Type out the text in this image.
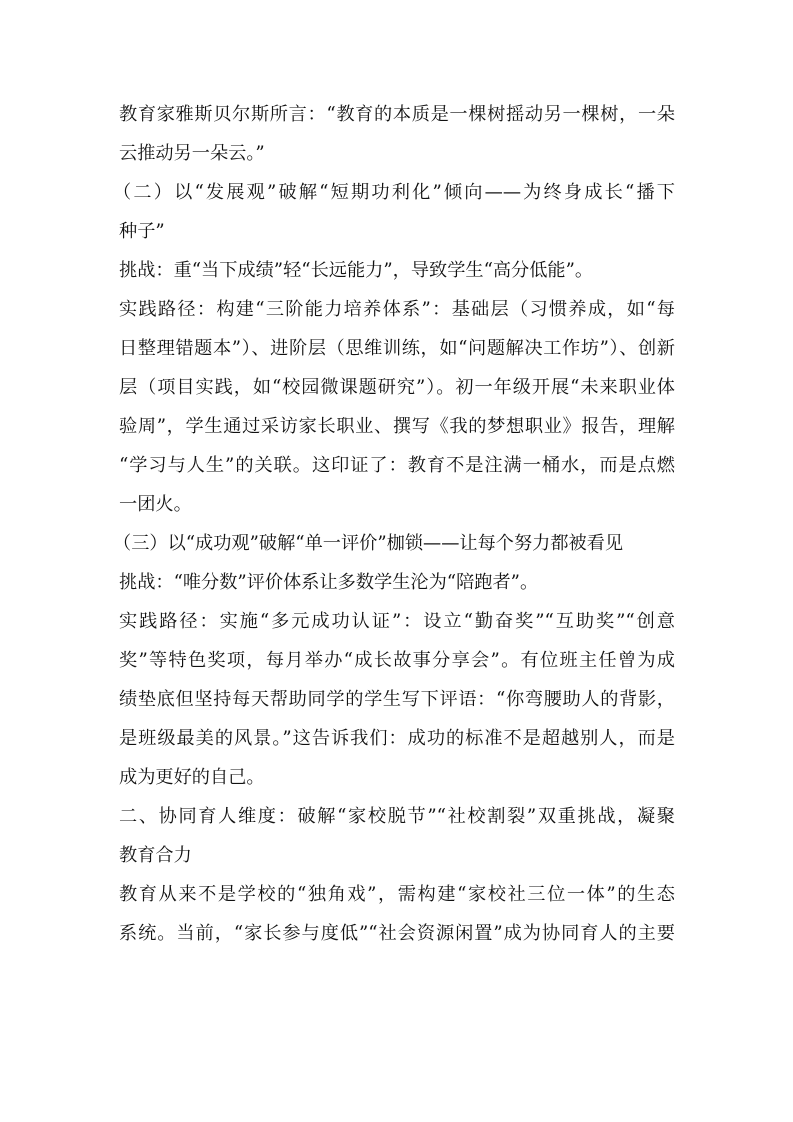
教育家雅斯贝尔斯所言：“教育的本质是一棵树摇动另一棵树，一朵
云推动另一朵云。”
（二）以“发展观”破解“短期功利化”倾向——为终身成长“播下
种子”
挑战：重“当下成绩”轻“长远能力”，导致学生“高分低能”。
实践路径：构建“三阶能力培养体系”：基础层（习惯养成，如“每
日整理错题本”）、进阶层（思维训练，如“问题解决工作坊”）、创新
层（项目实践，如“校园微课题研究”）。初一年级开展“未来职业体
验周”，学生通过采访家长职业、撰写《我的梦想职业》报告，理解
“学习与人生”的关联。这印证了：教育不是注满一桶水，而是点燃
一团火。
（三）以“成功观”破解“单一评价”枷锁——让每个努力都被看见
挑战：“唯分数”评价体系让多数学生沦为“陪跑者”。
实践路径：实施“多元成功认证”：设立“勤奋奖”“互助奖”“创意
奖”等特色奖项，每月举办“成长故事分享会”。有位班主任曾为成
绩垫底但坚持每天帮助同学的学生写下评语：“你弯腰助人的背影，
是班级最美的风景。”这告诉我们：成功的标准不是超越别人，而是
成为更好的自己。
二、协同育人维度：破解“家校脱节”“社校割裂”双重挑战，凝聚
教育合力
教育从来不是学校的“独角戏”，需构建“家校社三位一体”的生态
系统。当前，“家长参与度低”“社会资源闲置”成为协同育人的主要
